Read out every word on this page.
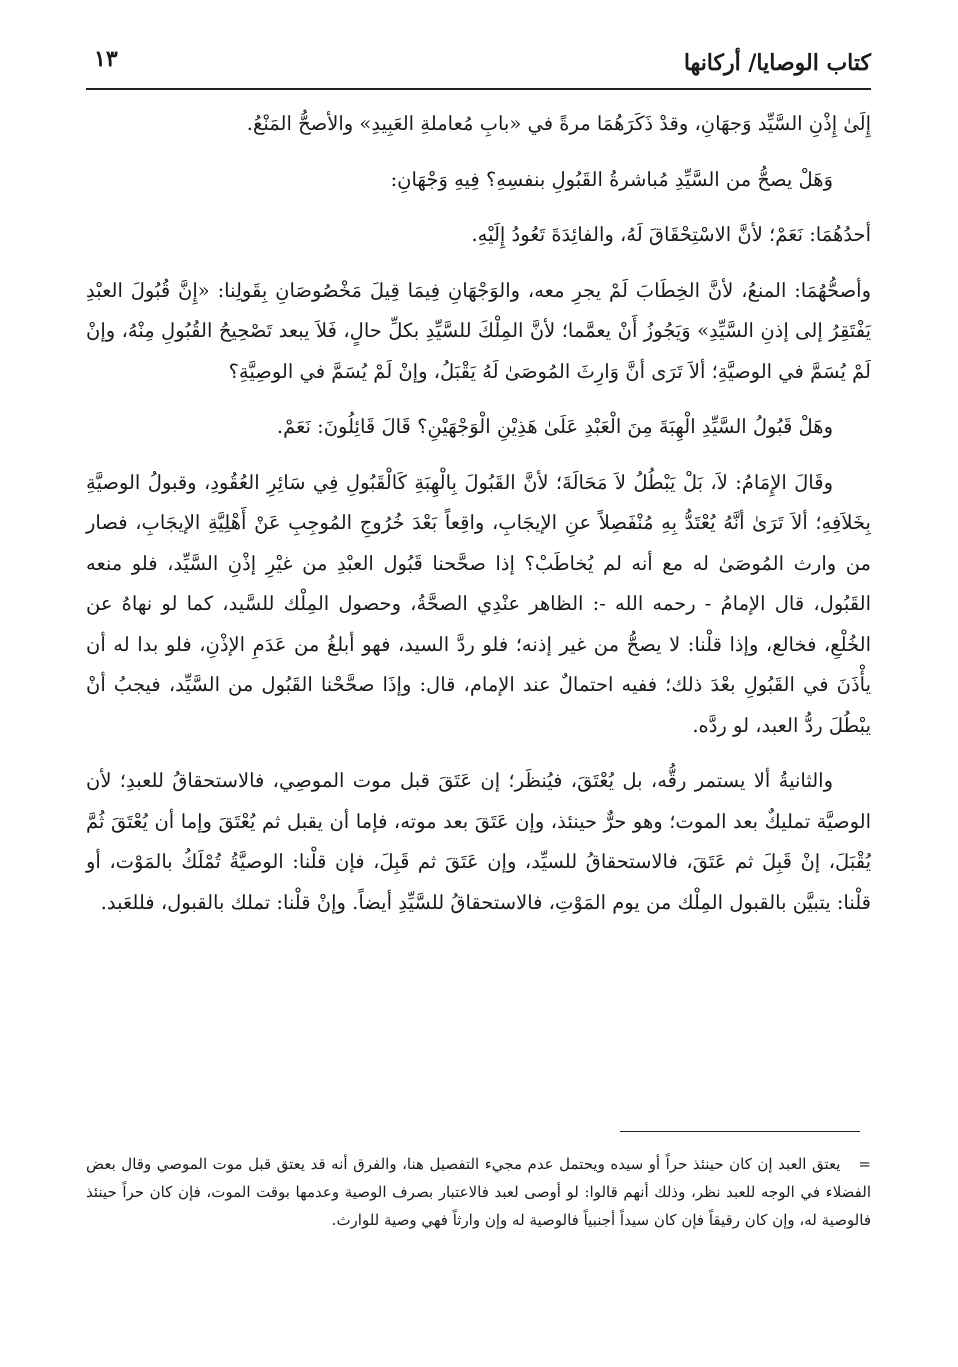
كتاب الوصايا/ أركانها
١٣

إِلَىٰ إِذْنِ السَّيِّد وَجهَانِ، وقدْ ذَكَرَهُمَا مرةً في «بابِ مُعاملةِ العَبِيدِ» والأصحُّ المَنْعُ.

وَهَلْ يصحُّ من السَّيِّدِ مُباشرةُ القَبُولِ بنفسِهِ؟ فِيهِ وَجْهَانِ:

أحدُهُمَا: نَعَمْ؛ لأنَّ الاسْتِحْقَاقَ لَهُ، والفائِدَةَ تَعُودُ إِلَيْهِ.

وأصحُّهُمَا: المنعُ، لأنَّ الخِطَابَ لَمْ يجرِ معه، والوَجْهَانِ فِيمَا قِيلَ مَخْصُوصَانِ بِقَولِنا: «إِنَّ قُبُولَ العبْدِ يَفْتَقِرُ إلى إذنِ السَّيِّدِ» وَيَجُوزُ أَنْ يعمَّما؛ لأنَّ المِلْكَ للسَّيِّدِ بكلِّ حالٍ، فَلاَ يبعد تَصْحِيحُ القُبُولِ مِنْهُ، وإنْ لَمْ يُسَمَّ في الوصيَّةِ؛ ألاَ تَرَى أنَّ وَارِثَ المُوصَىٰ لَهُ يَقْبَلُ، وإنْ لَمْ يُسَمَّ في الوصِيَّةِ؟

وهَلْ قَبُولُ السَّيِّدِ الْهِبَةَ مِنَ الْعَبْدِ عَلَىٰ هَذِيْنِ الْوَجْهَيْنِ؟ قَالَ قَائِلُونَ: نَعَمْ.

وقَالَ الإِمَامُ: لاَ، بَلْ يَبْطُلُ لاَ مَحَالَةَ؛ لأنَّ القَبُولَ بِالْهِبَةِ كَالْقَبُولِ فِي سَائِرِ العُقُودِ، وقبولُ الوصيَّةِ بِخَلاَفِهِ؛ ألاَ تَرَىٰ أنَّهُ يُعْتَدُّ بِهِ مُنْفَصِلاً عنِ الإيجَابِ، واقِعاً بَعْدَ خُرُوجِ المُوجِبِ عَنْ أَهْلِيَّةِ الإيجَابِ، فصار من وارث المُوصَىٰ له مع أنه لم يُخاطَبْ؟ إذا صحَّحنا قَبُول العبْدِ من غيْرِ إذْنِ السَّيِّد، فلو منعه القَبُول، قال الإمامُ - رحمه الله -: الظاهر عنْدِي الصحَّةُ، وحصول المِلْك للسَّيد، كما لو نهاهُ عن الخُلْعِ، فخالع، وإذا قلْنا: لا يصحُّ من غير إذنه؛ فلو ردَّ السيد، فهو أبلغُ من عَدَمِ الإذْنِ، فلو بدا له أن يأْذَنَ في القَبُولِ بعْدَ ذلك؛ ففيه احتمالٌ عند الإمام، قال: وإذَا صحَّحْنا القَبُول من السَّيِّد، فيجبُ أنْ يبْطُلَ ردُّ العبد، لو ردَّه.

والثانيةُ ألا يستمر رقُّه، بل يُعْتَقَ، فيُنظَر؛ إن عَتَقَ قبل موت الموصِي، فالاستحقاقُ للعبدِ؛ لأن الوصيَّة تمليكٌ بعد الموت؛ وهو حرٌّ حينئذ، وإن عَتَقَ بعد موته، فإما أن يقبل ثم يُعْتَقَ وإما أن يُعْتَقَ ثُمَّ يُقْبَلَ، إنْ قَبِلَ ثم عَتَقَ، فالاستحقاقُ للسيِّد، وإن عَتَقَ ثم قَبِلَ، فإن قلْنا: الوصيَّةُ تُمْلَكُ بالمَوْت، أو قلْنا: يتبيَّن بالقبول المِلْك من يوم المَوْتِ، فالاستحقاقُ للسَّيِّدِ أيضاً. وإنْ قلْنا: تملك بالقبول، فللعَبد.

=يعتق العبد إن كان حينئذ حراً أو سيده ويحتمل عدم مجيء التفصيل هنا، والفرق أنه قد يعتق قبل موت الموصي وقال بعض الفضلاء في الوجه للعبد نظر، وذلك أنهم قالوا: لو أوصى لعبد فالاعتبار بصرف الوصية وعدمها بوقت الموت، فإن كان حراً حينئذ فالوصية له، وإن كان رقيقاً فإن كان سيداً أجنبياً فالوصية له وإن وارثاً فهي وصية للوارث.
